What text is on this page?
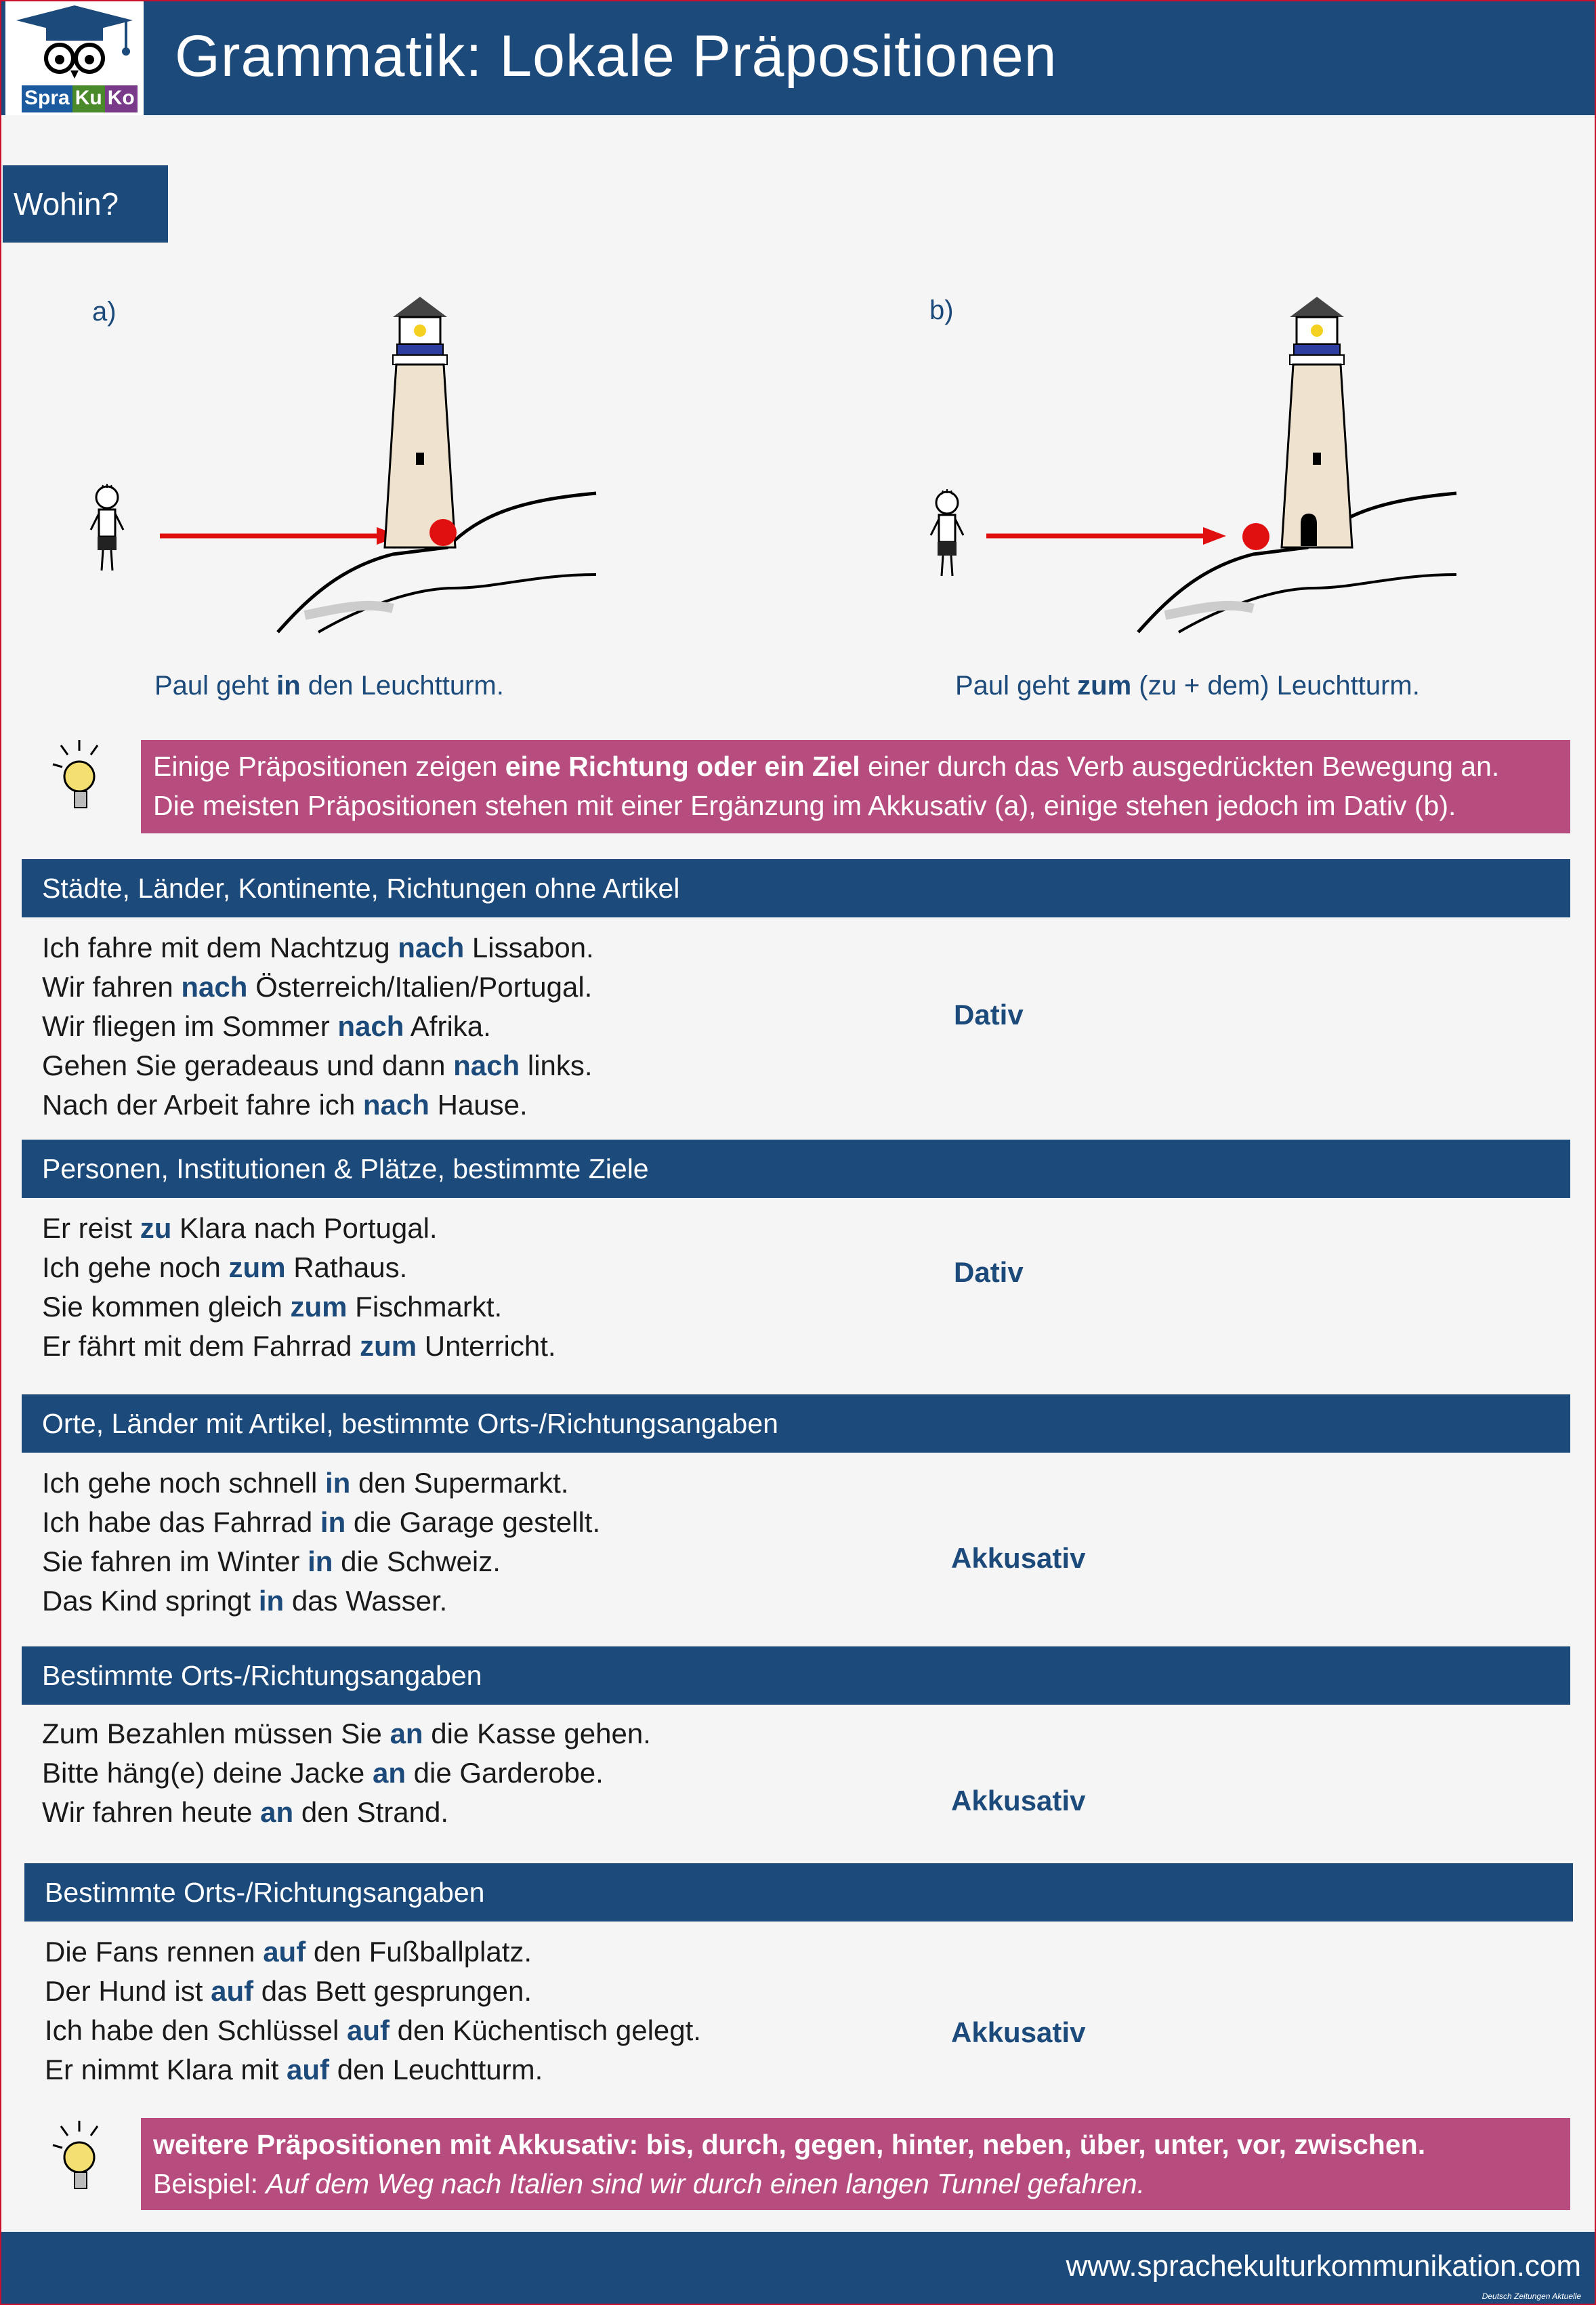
Spra Ku Ko
Grammatik: Lokale Präpositionen
Wohin?
a)
Paul geht in den Leuchtturm.
b)
Paul geht zum (zu + dem) Leuchtturm.
Einige Präpositionen zeigen eine Richtung oder ein Ziel einer durch das Verb ausgedrückten Bewegung an.
Die meisten Präpositionen stehen mit einer Ergänzung im Akkusativ (a), einige stehen jedoch im Dativ (b).
Städte, Länder, Kontinente, Richtungen ohne Artikel
Ich fahre mit dem Nachtzug nach Lissabon.
Wir fahren nach Österreich/Italien/Portugal.
Wir fliegen im Sommer nach Afrika.
Gehen Sie geradeaus und dann nach links.
Nach der Arbeit fahre ich nach Hause.
Dativ
Personen, Institutionen & Plätze, bestimmte Ziele
Er reist zu Klara nach Portugal.
Ich gehe noch zum Rathaus.
Sie kommen gleich zum Fischmarkt.
Er fährt mit dem Fahrrad zum Unterricht.
Dativ
Orte, Länder mit Artikel, bestimmte Orts-/Richtungsangaben
Ich gehe noch schnell in den Supermarkt.
Ich habe das Fahrrad in die Garage gestellt.
Sie fahren im Winter in die Schweiz.
Das Kind springt in das Wasser.
Akkusativ
Bestimmte Orts-/Richtungsangaben
Zum Bezahlen müssen Sie an die Kasse gehen.
Bitte häng(e) deine Jacke an die Garderobe.
Wir fahren heute an den Strand.	Akkusativ
Bestimmte Orts-/Richtungsangaben
Die Fans rennen auf den Fußballplatz.
Der Hund ist auf das Bett gesprungen.
Ich habe den Schlüssel auf den Küchentisch gelegt.
Er nimmt Klara mit auf den Leuchtturm.
Akkusativ
weitere Präpositionen mit Akkusativ: bis, durch, gegen, hinter, neben, über, unter, vor, zwischen.
Beispiel: Auf dem Weg nach Italien sind wir durch einen langen Tunnel gefahren.
www.sprachekulturkommunikation.com
Deutsch Zeitungen Aktuelle
